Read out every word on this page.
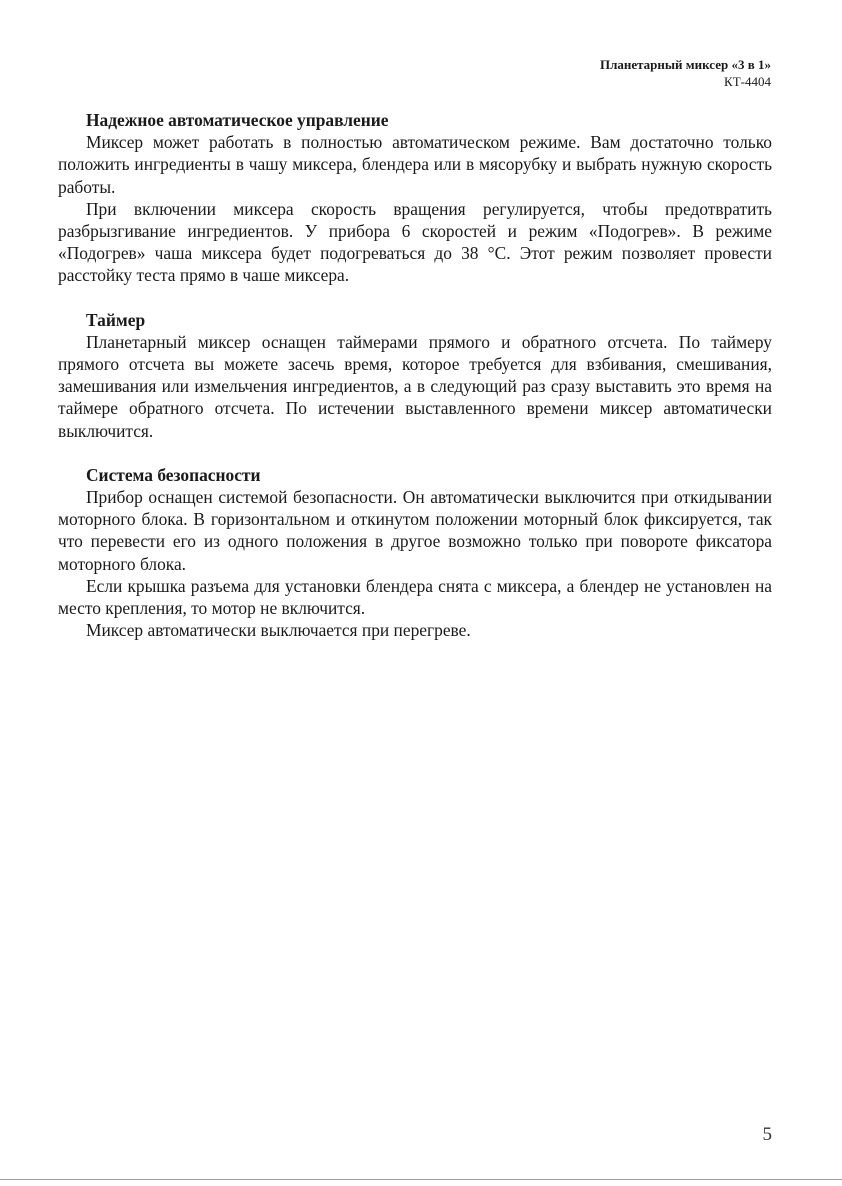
Планетарный миксер «3 в 1»
КТ-4404
Надежное автоматическое управление

Миксер может работать в полностью автоматическом режиме. Вам достаточно только положить ингредиенты в чашу миксера, блендера или в мясорубку и выбрать нужную скорость работы.

При включении миксера скорость вращения регулируется, чтобы предотвратить разбрызгивание ингредиентов. У прибора 6 скоростей и режим «Подогрев». В режиме «Подогрев» чаша миксера будет подогреваться до 38 °С. Этот режим позволяет провести расстойку теста прямо в чаше миксера.

Таймер

Планетарный миксер оснащен таймерами прямого и обратного отсчета. По таймеру прямого отсчета вы можете засечь время, которое требуется для взбивания, смешивания, замешивания или измельчения ингредиентов, а в следующий раз сразу выставить это время на таймере обратного отсчета. По истечении выставленного времени миксер автоматически выключится.

Система безопасности

Прибор оснащен системой безопасности. Он автоматически выключится при откидывании моторного блока. В горизонтальном и откинутом положении моторный блок фиксируется, так что перевести его из одного положения в другое возможно только при повороте фиксатора моторного блока.

Если крышка разъема для установки блендера снята с миксера, а блендер не установлен на место крепления, то мотор не включится.

Миксер автоматически выключается при перегреве.

5
